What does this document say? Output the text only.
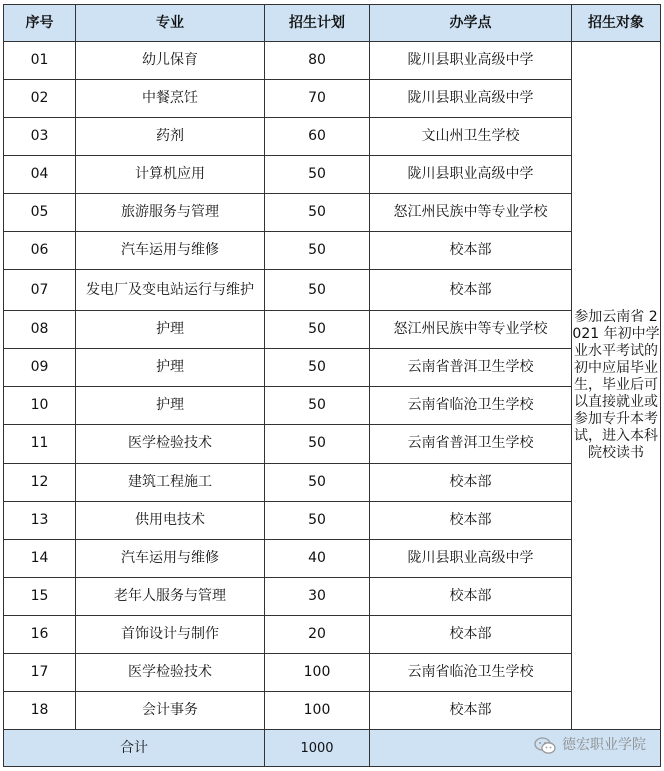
序号	专业	招生计划	办学点	招生对象
01	幼儿保育	80	陇川县职业高级中学	参加云南省 2021 年初中学业水平考试的初中应届毕业生，毕业后可以直接就业或参加专升本考试，进入本科院校读书
02	中餐烹饪	70	陇川县职业高级中学	
03	药剂	60	文山州卫生学校	
04	计算机应用	50	陇川县职业高级中学	
05	旅游服务与管理	50	怒江州民族中等专业学校	
06	汽车运用与维修	50	校本部	
07	发电厂及变电站运行与维护	50	校本部	
08	护理	50	怒江州民族中等专业学校	
09	护理	50	云南省普洱卫生学校	
10	护理	50	云南省临沧卫生学校	
11	医学检验技术	50	云南省普洱卫生学校	
12	建筑工程施工	50	校本部	
13	供用电技术	50	校本部	
14	汽车运用与维修	40	陇川县职业高级中学	
15	老年人服务与管理	30	校本部	
16	首饰设计与制作	20	校本部	
17	医学检验技术	100	云南省临沧卫生学校	
18	会计事务	100	校本部	
合计		1000	德宏职业学院	
